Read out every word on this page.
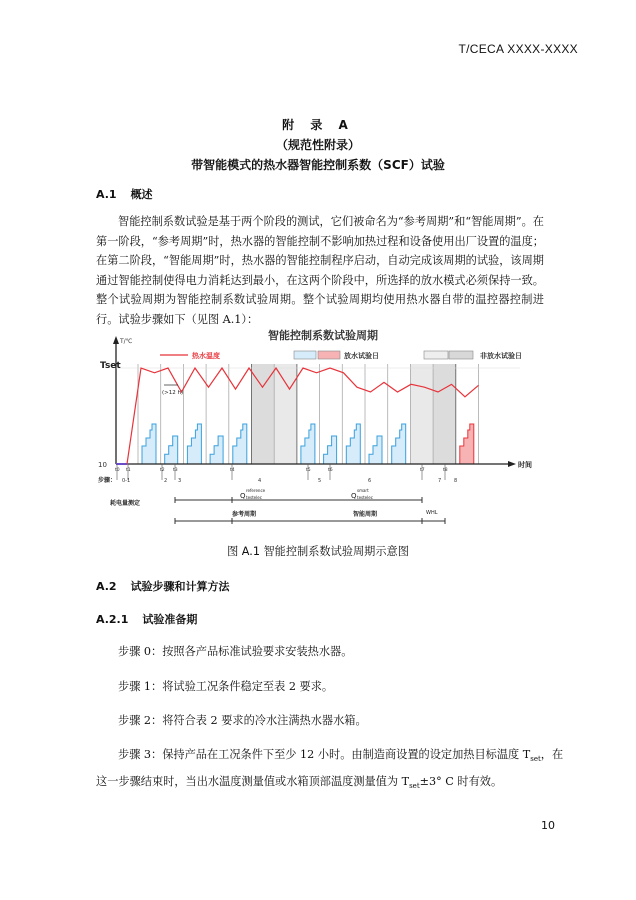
T/CECA XXXX-XXXX
附 录 A
（规范性附录）
带智能模式的热水器智能控制系数（SCF）试验
A.1 概述
智能控制系数试验是基于两个阶段的测试，它们被命名为“参考周期”和“智能周期”。在第一阶段，“参考周期”时，热水器的智能控制不影响加热过程和设备使用出厂设置的温度；在第二阶段，“智能周期”时，热水器的智能控制程序启动，自动完成该周期的试验，该周期通过智能控制使得电力消耗达到最小，在这两个阶段中，所选择的放水模式必须保持一致。整个试验周期为智能控制系数试验周期。整个试验周期均使用热水器自带的温控器控制进行。试验步骤如下（见图 A.1）：
T/℃
10	时间
智能控制系数试验周期
热水温度	放水试验日	非放水试验日
(>12 h)
步骤：
t0 t1	t2 t3	t4	t5	t6	t7	t8
0-1	2 3	4	5	6	7	8
耗电量测定
Q
reference
testelec	Q
smart
testelec
参考周期	智能周期	WHL
Tset
图 A.1 智能控制系数试验周期示意图
A.2 试验步骤和计算方法
A.2.1 试验准备期
步骤 0：按照各产品标准试验要求安装热水器。
步骤 1：将试验工况条件稳定至表 2 要求。
步骤 2：将符合表 2 要求的冷水注满热水器水箱。
步骤 3：保持产品在工况条件下至少 12 小时。由制造商设置的设定加热目标温度 $T_{set}$，在
这一步骤结束时，当出水温度测量值或水箱顶部温度测量值为 $T_{set}\pm 3^\circ$ C 时有效。
10
